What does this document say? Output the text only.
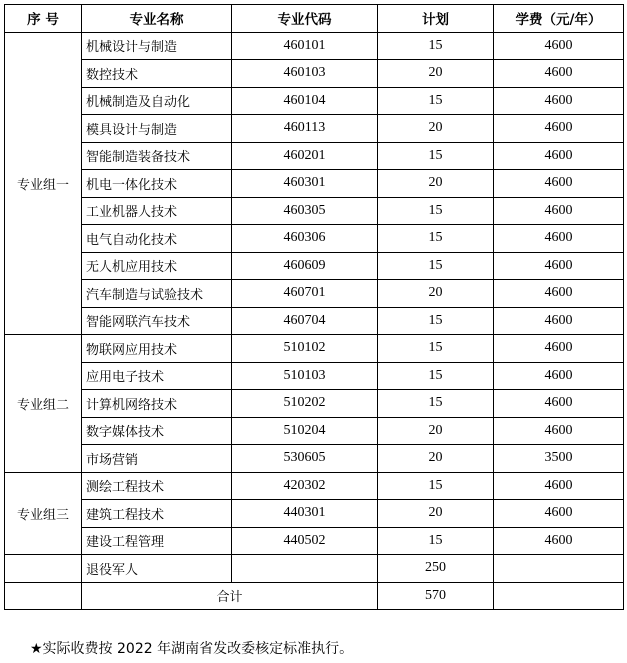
序 号	专业名称	专业代码	计划	学费（元/年）
专业组一	机械设计与制造	460101	15	4600
	数控技术	460103	20	4600
	机械制造及自动化	460104	15	4600
	模具设计与制造	460113	20	4600
	智能制造装备技术	460201	15	4600
	机电一体化技术	460301	20	4600
	工业机器人技术	460305	15	4600
	电气自动化技术	460306	15	4600
	无人机应用技术	460609	15	4600
	汽车制造与试验技术	460701	20	4600
	智能网联汽车技术	460704	15	4600
专业组二	物联网应用技术	510102	15	4600
	应用电子技术	510103	15	4600
	计算机网络技术	510202	15	4600
	数字媒体技术	510204	20	4600
	市场营销	530605	20	3500
专业组三	测绘工程技术	420302	15	4600
	建筑工程技术	440301	20	4600
	建设工程管理	440502	15	4600
	退役军人		250	
	合计		570	
★实际收费按 2022 年湖南省发改委核定标准执行。
